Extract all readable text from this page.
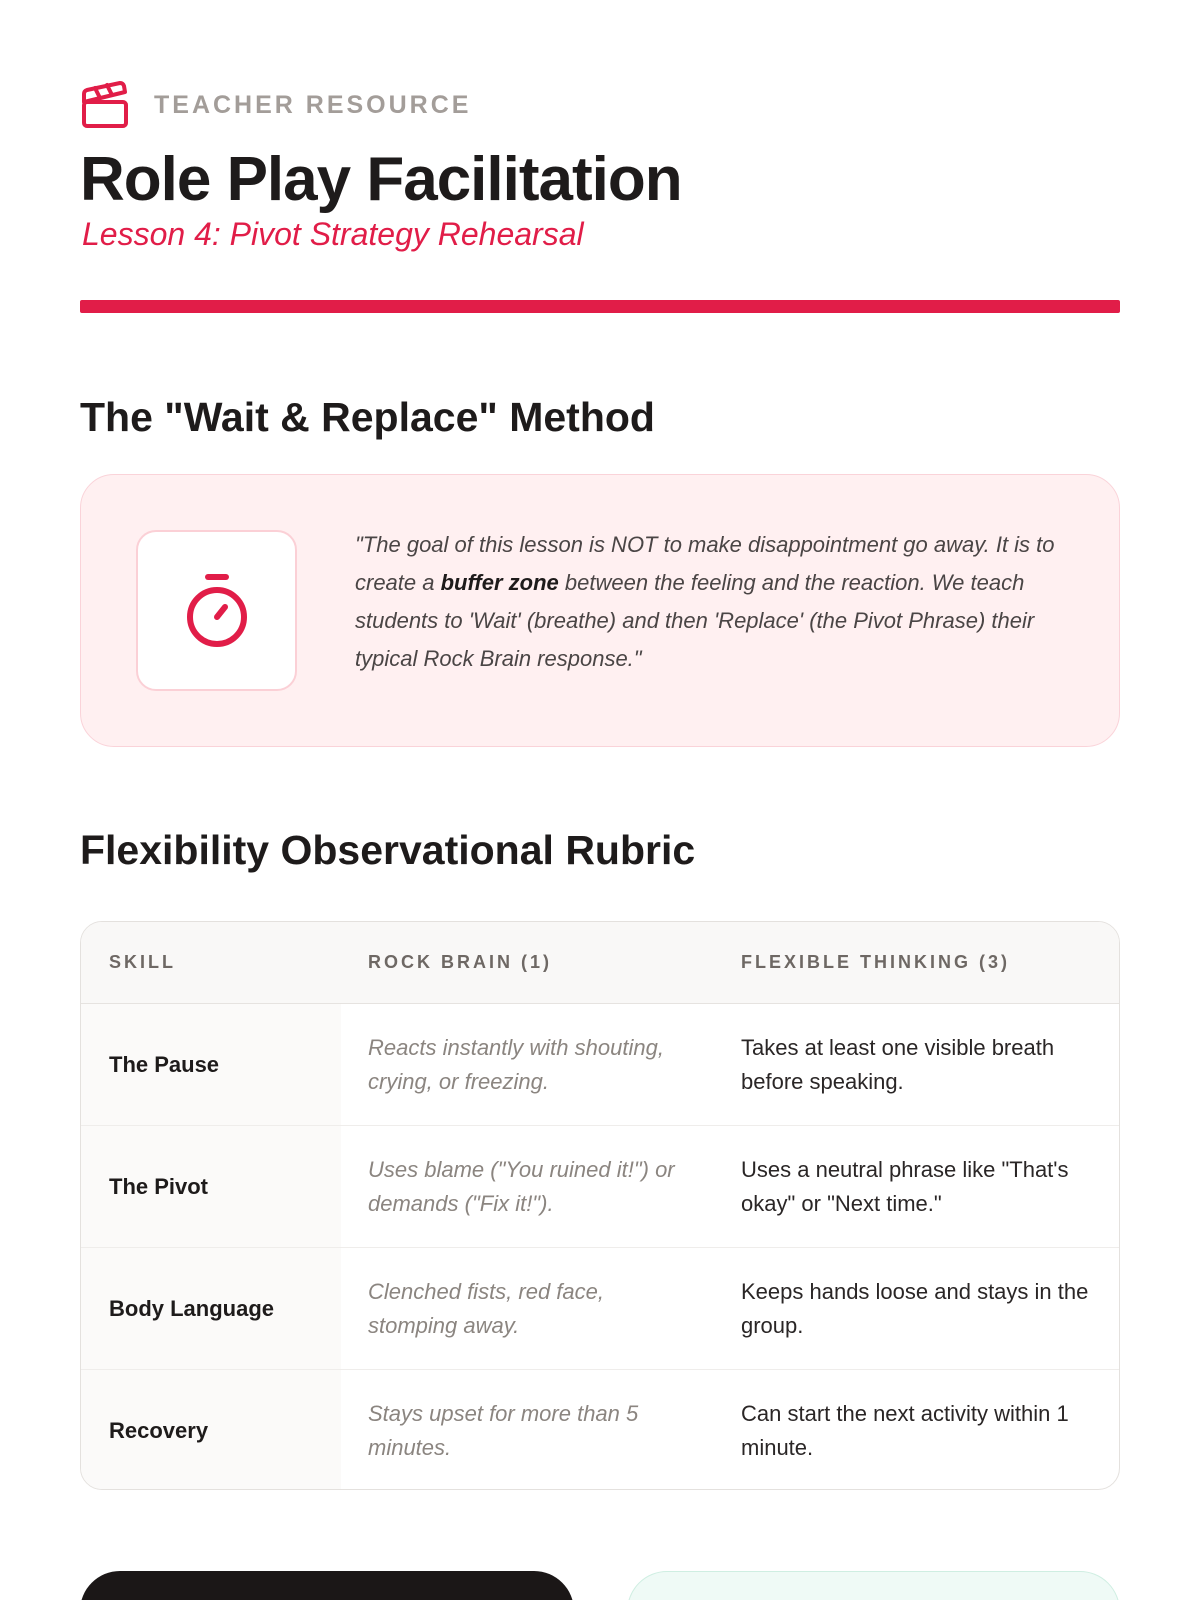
TEACHER RESOURCE
Role Play Facilitation
Lesson 4: Pivot Strategy Rehearsal
The "Wait & Replace" Method

"The goal of this lesson is NOT to make disappointment go away. It is to create a buffer zone between the feeling and the reaction. We teach students to 'Wait' (breathe) and then 'Replace' (the Pivot Phrase) their typical Rock Brain response."

Flexibility Observational Rubric
SKILL	ROCK BRAIN (1)	FLEXIBLE THINKING (3)
The Pause
Reacts instantly with shouting, crying, or freezing.
Takes at least one visible breath before speaking.
The Pivot
Uses blame ("You ruined it!") or demands ("Fix it!").
Uses a neutral phrase like "That's okay" or "Next time."
Body Language
Clenched fists, red face, stomping away.
Keeps hands loose and stays in the group.
Recovery
Stays upset for more than 5 minutes.
Can start the next activity within 1 minute.
